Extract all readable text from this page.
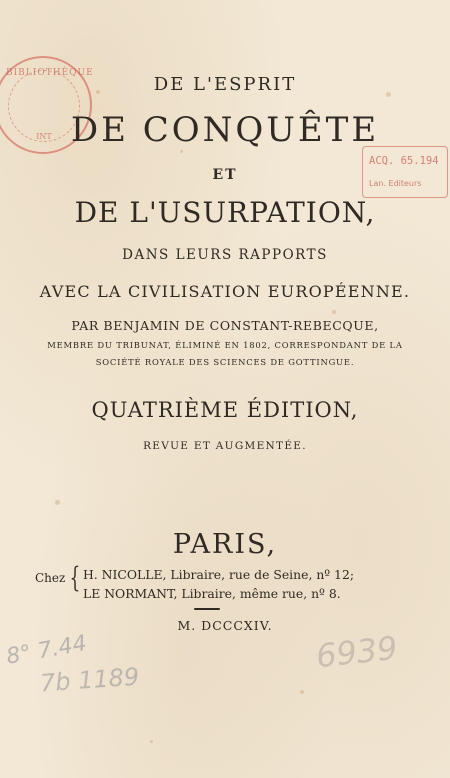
BIBLIOTHÈQUE
INT
ACQ. 65.194
Lan. Editeurs
DE L'ESPRIT
DE CONQUÊTE
ET
DE L'USURPATION,
DANS LEURS RAPPORTS
AVEC LA CIVILISATION EUROPÉENNE.
PAR BENJAMIN DE CONSTANT-REBECQUE,
MEMBRE DU TRIBUNAT, ÉLIMINÉ EN 1802, CORRESPONDANT DE LA
SOCIÉTÉ ROYALE DES SCIENCES DE GOTTINGUE.
QUATRIÈME ÉDITION,
REVUE ET AUGMENTÉE.
PARIS,
Chez { H. NICOLLE, Libraire, rue de Seine, nº 12;
LE NORMANT, Libraire, même rue, nº 8.
M. DCCCXIV.
8° 7.44
7b 1189
6939
